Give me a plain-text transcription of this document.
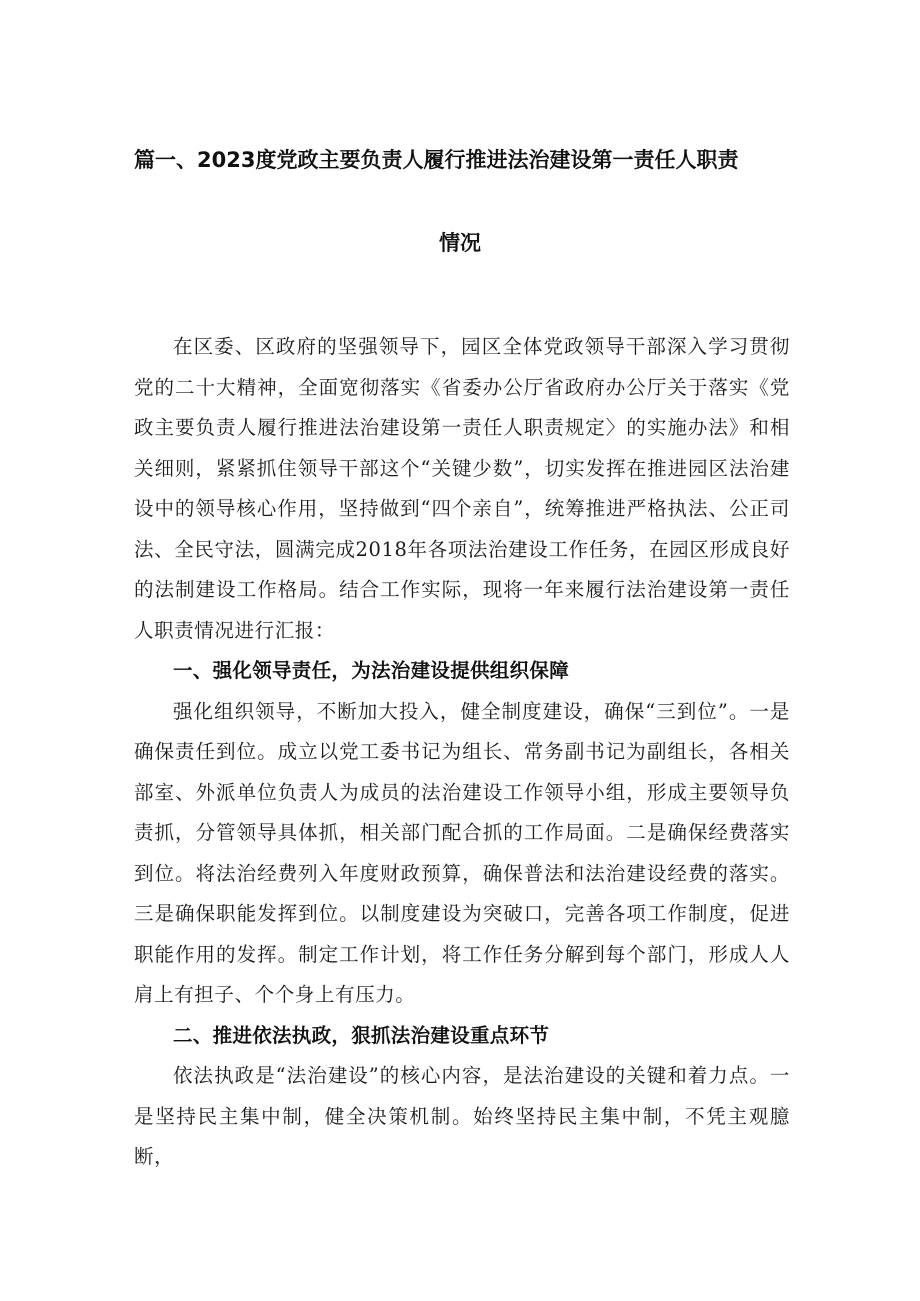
篇一、2023度党政主要负责人履行推进法治建设第一责任人职责
情况

在区委、区政府的坚强领导下，园区全体党政领导干部深入学习贯彻党的二十大精神，全面宽彻落实《省委办公厅省政府办公厅关于落实《党政主要负责人履行推进法治建设第一责任人职责规定〉的实施办法》和相关细则，紧紧抓住领导干部这个“关键少数”，切实发挥在推进园区法治建设中的领导核心作用，坚持做到“四个亲自”，统筹推进严格执法、公正司法、全民守法，圆满完成2018年各项法治建设工作任务，在园区形成良好的法制建设工作格局。结合工作实际，现将一年来履行法治建设第一责任人职责情况进行汇报：

一、强化领导责任，为法治建设提供组织保障

强化组织领导，不断加大投入，健全制度建设，确保“三到位”。一是确保责任到位。成立以党工委书记为组长、常务副书记为副组长，各相关部室、外派单位负责人为成员的法治建设工作领导小组，形成主要领导负责抓，分管领导具体抓，相关部门配合抓的工作局面。二是确保经费落实到位。将法治经费列入年度财政预算，确保普法和法治建设经费的落实。三是确保职能发挥到位。以制度建设为突破口，完善各项工作制度，促进职能作用的发挥。制定工作计划，将工作任务分解到每个部门，形成人人肩上有担子、个个身上有压力。

二、推进依法执政，狠抓法治建设重点环节

依法执政是“法治建设”的核心内容，是法治建设的关键和着力点。一是坚持民主集中制，健全决策机制。始终坚持民主集中制，不凭主观臆断，
